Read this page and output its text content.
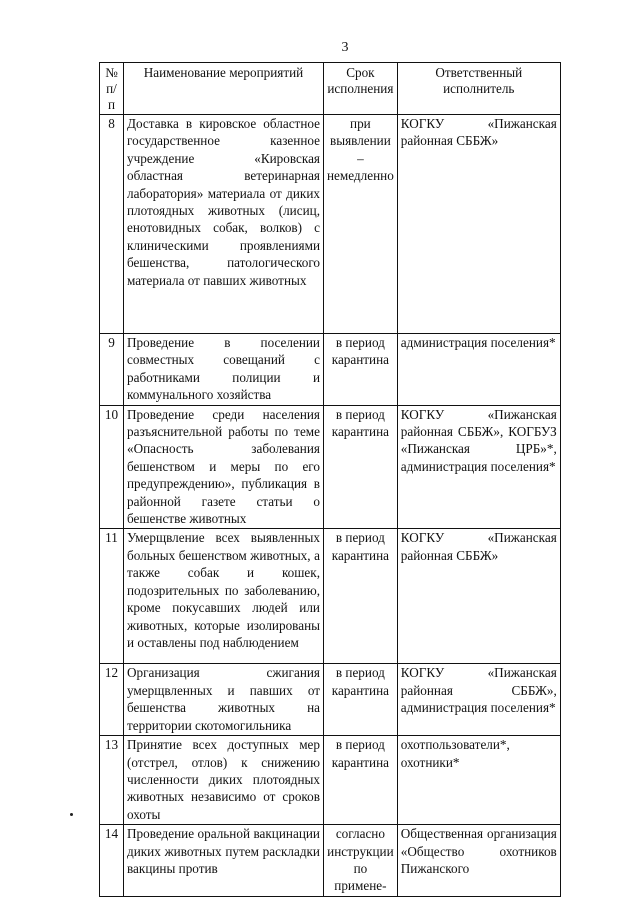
3
№ п/п	Наименование мероприятий	Срок исполнения	Ответственный исполнитель
8	Доставка в кировское областное государственное казенное учреждение «Кировская областная ветеринарная лаборатория» материала от диких плотоядных животных (лисиц, енотовидных собак, волков) с клиническими проявлениями бешенства, патологического материала от павших животных	при выявлении – немедленно	КОГКУ «Пижанская районная СББЖ»
9	Проведение в поселении совместных совещаний с работниками полиции и коммунального хозяйства	в период карантина	администрация поселения*
10	Проведение среди населения разъяснительной работы по теме «Опасность заболевания бешенством и меры по его предупреждению», публикация в районной газете статьи о бешенстве животных	в период карантина	КОГКУ «Пижанская районная СББЖ», КОГБУЗ «Пижанская ЦРБ»*, администрация поселения*
11	Умерщвление всех выявленных больных бешенством животных, а также собак и кошек, подозрительных по заболеванию, кроме покусавших людей или животных, которые изолированы и оставлены под наблюдением	в период карантина	КОГКУ «Пижанская районная СББЖ»
12	Организация сжигания умерщвленных и павших от бешенства животных на территории скотомогильника	в период карантина	КОГКУ «Пижанская районная СББЖ», администрация поселения*
13	Принятие всех доступных мер (отстрел, отлов) к снижению численности диких плотоядных животных независимо от сроков охоты	в период карантина	охотпользователи*, охотники*
14	Проведение оральной вакцинации диких животных путем раскладки вакцины против	согласно инструкции по примене-	Общественная организация «Общество охотников Пижанского
